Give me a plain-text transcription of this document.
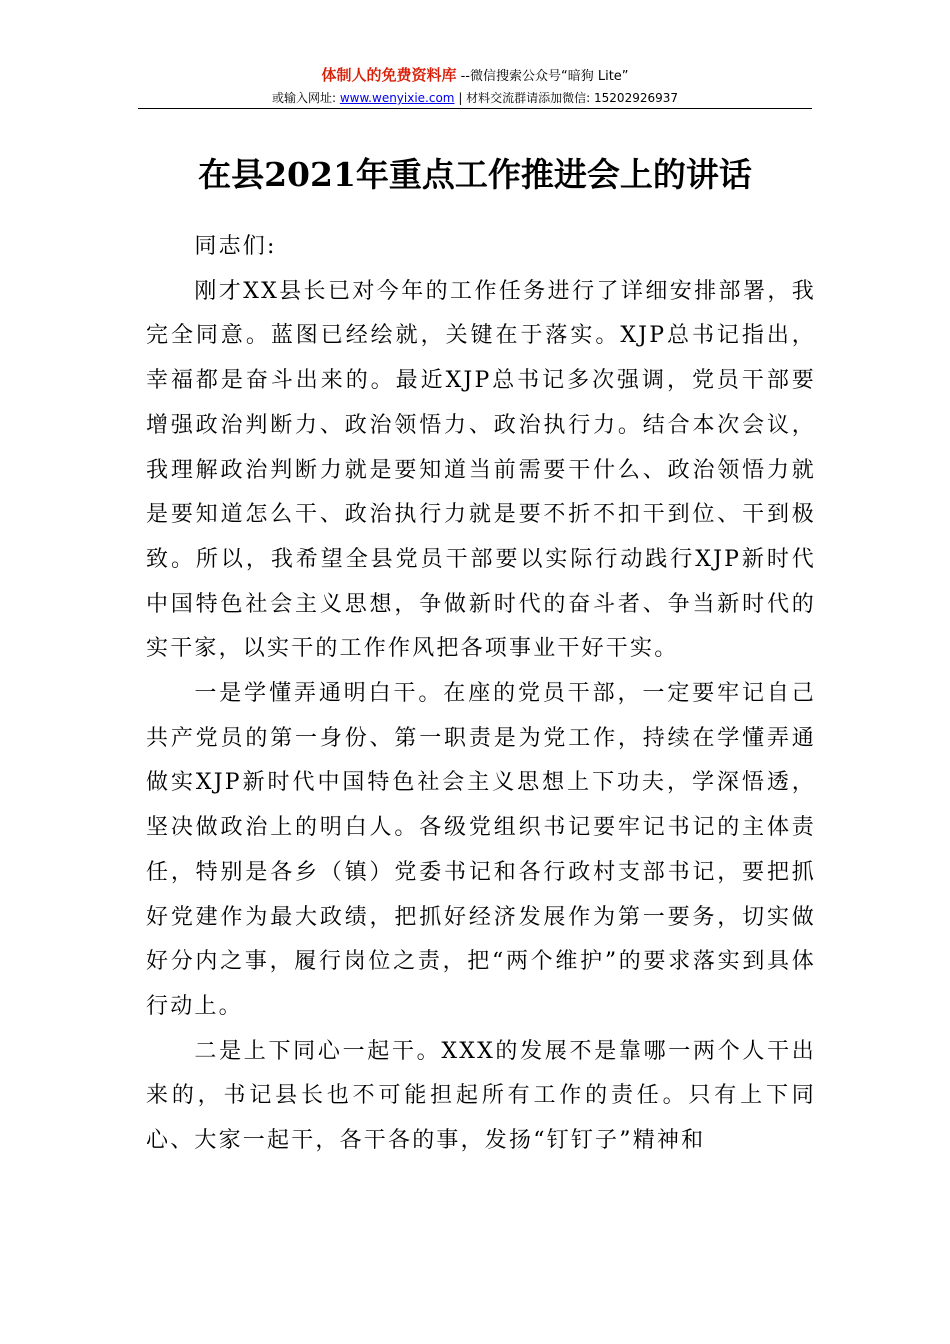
体制人的免费资料库 --微信搜索公众号“暗狗 Lite”
或输入网址: www.wenyixie.com | 材料交流群请添加微信: 15202926937
在县2021年重点工作推进会上的讲话

同志们:

刚才XX县长已对今年的工作任务进行了详细安排部署，我完全同意。蓝图已经绘就，关键在于落实。XJP总书记指出，幸福都是奋斗出来的。最近XJP总书记多次强调，党员干部要增强政治判断力、政治领悟力、政治执行力。结合本次会议，我理解政治判断力就是要知道当前需要干什么、政治领悟力就是要知道怎么干、政治执行力就是要不折不扣干到位、干到极致。所以，我希望全县党员干部要以实际行动践行XJP新时代中国特色社会主义思想，争做新时代的奋斗者、争当新时代的实干家，以实干的工作作风把各项事业干好干实。

一是学懂弄通明白干。在座的党员干部，一定要牢记自己共产党员的第一身份、第一职责是为党工作，持续在学懂弄通做实XJP新时代中国特色社会主义思想上下功夫，学深悟透，坚决做政治上的明白人。各级党组织书记要牢记书记的主体责任，特别是各乡（镇）党委书记和各行政村支部书记，要把抓好党建作为最大政绩，把抓好经济发展作为第一要务，切实做好分内之事，履行岗位之责，把“两个维护”的要求落实到具体行动上。

二是上下同心一起干。XXX的发展不是靠哪一两个人干出来的，书记县长也不可能担起所有工作的责任。只有上下同心、大家一起干，各干各的事，发扬“钉钉子”精神和
